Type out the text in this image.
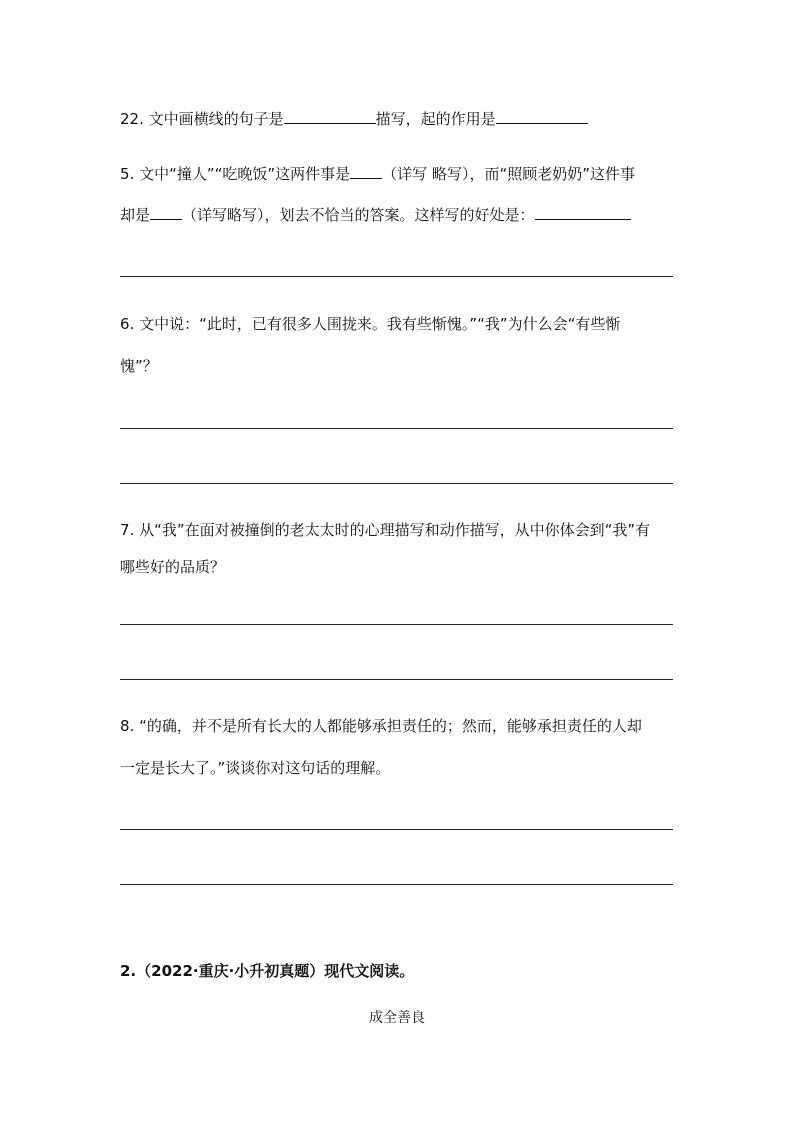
22. 文中画横线的句子是	描写，起的作用是
5. 文中“撞人”“吃晚饭”这两件事是 （详写 略写），而“照顾老奶奶”这件事
却是 （详写略写），划去不恰当的答案。这样写的好处是：
6. 文中说：“此时，已有很多人围拢来。我有些惭愧。”“我”为什么会“有些惭
愧”？
7. 从“我”在面对被撞倒的老太太时的心理描写和动作描写，从中你体会到“我”有
哪些好的品质？
8. “的确，并不是所有长大的人都能够承担责任的；然而，能够承担责任的人却
一定是长大了。”谈谈你对这句话的理解。
2.（2022·重庆·小升初真题）现代文阅读。
成全善良
